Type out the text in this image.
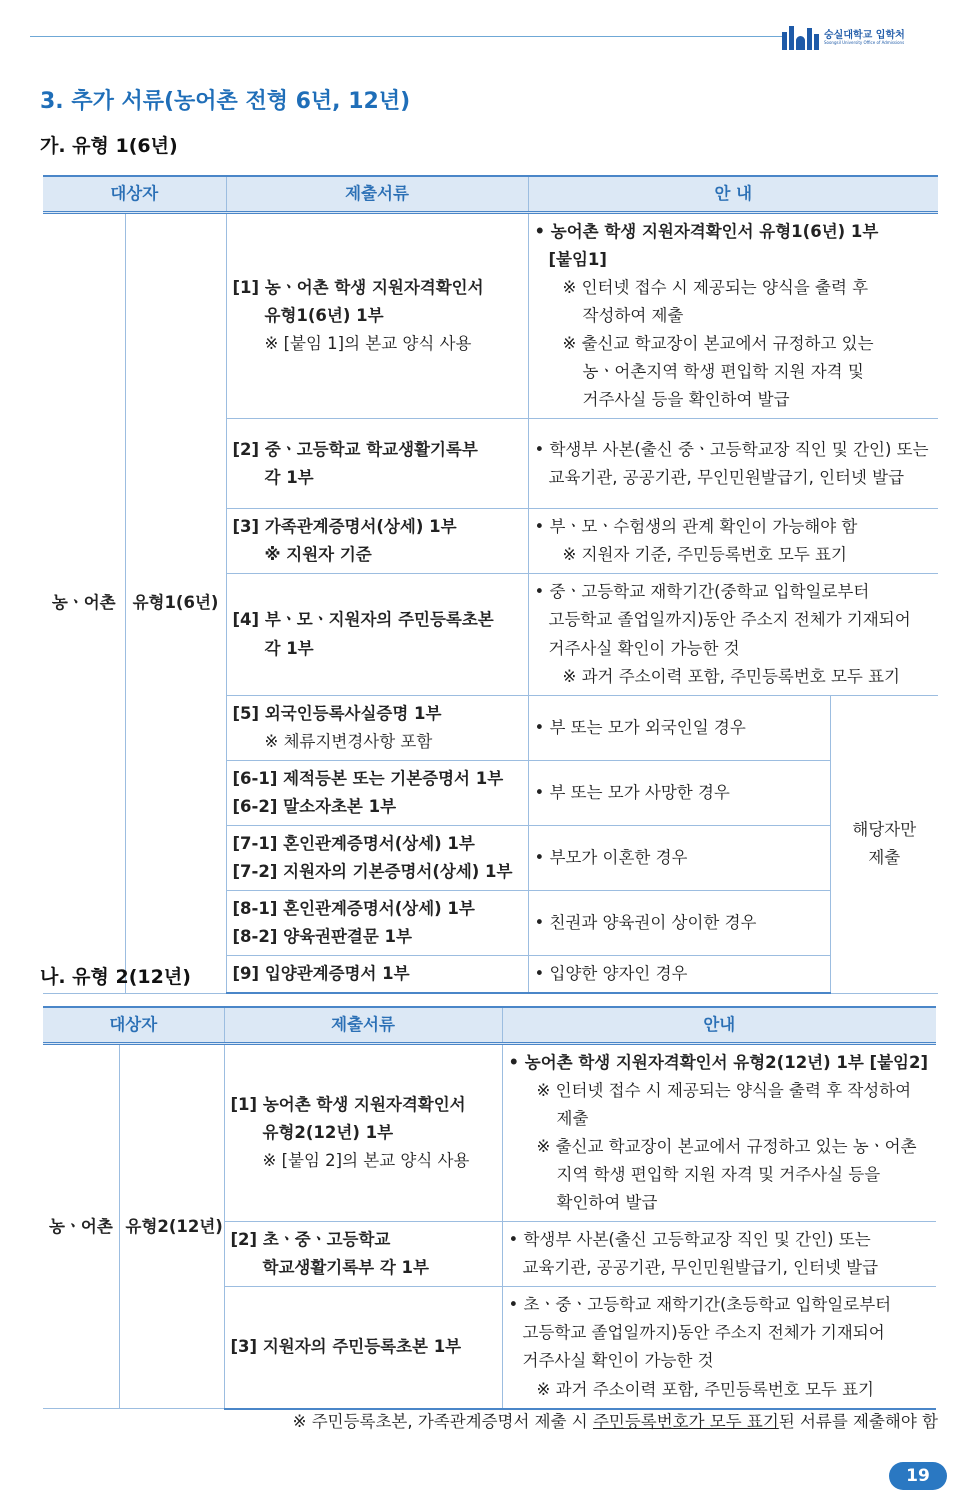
숭실대학교 입학처
Soongsil University Office of Admissions
3. 추가 서류(농어촌 전형 6년, 12년)
가. 유형 1(6년)
대상자		제출서류	안 내	
농ㆍ어촌	유형1(6년)	[1] 농ㆍ어촌 학생 지원자격확인서
유형1(6년) 1부
※ [붙임 1]의 본교 양식 사용	• 농어촌 학생 지원자격확인서 유형1(6년) 1부 [붙임1]
※ 인터넷 접수 시 제공되는 양식을 출력 후 작성하여 제출
※ 출신교 학교장이 본교에서 규정하고 있는 농ㆍ어촌지역 학생 편입학 지원 자격 및 거주사실 등을 확인하여 발급	

		[2] 중ㆍ고등학교 학교생활기록부
각 1부	• 학생부 사본(출신 중ㆍ고등학교장 직인 및 간인) 또는 교육기관, 공공기관, 무인민원발급기, 인터넷 발급	

		[3] 가족관계증명서(상세) 1부
※ 지원자 기준	• 부ㆍ모ㆍ수험생의 관계 확인이 가능해야 함
※ 지원자 기준, 주민등록번호 모두 표기	

		[4] 부ㆍ모ㆍ지원자의 주민등록초본
각 1부	• 중ㆍ고등학교 재학기간(중학교 입학일로부터 고등학교 졸업일까지)동안 주소지 전체가 기재되어 거주사실 확인이 가능한 것
※ 과거 주소이력 포함, 주민등록번호 모두 표기	

		[5] 외국인등록사실증명 1부
※ 체류지변경사항 포함	• 부 또는 모가 외국인일 경우	해당자만 제출

		[6-1] 제적등본 또는 기본증명서 1부
[6-2] 말소자초본 1부	• 부 또는 모가 사망한 경우	

		[7-1] 혼인관계증명서(상세) 1부
[7-2] 지원자의 기본증명서(상세) 1부	• 부모가 이혼한 경우	

		[8-1] 혼인관계증명서(상세) 1부
[8-2] 양육권판결문 1부	• 친권과 양육권이 상이한 경우	

		[9] 입양관계증명서 1부	• 입양한 양자인 경우	
나. 유형 2(12년)
대상자		제출서류	안내
농ㆍ어촌	유형2(12년)	[1] 농어촌 학생 지원자격확인서
유형2(12년) 1부
※ [붙임 2]의 본교 양식 사용	• 농어촌 학생 지원자격확인서 유형2(12년) 1부 [붙임2]
※ 인터넷 접수 시 제공되는 양식을 출력 후 작성하여 제출
※ 출신교 학교장이 본교에서 규정하고 있는 농ㆍ어촌 지역 학생 편입학 지원 자격 및 거주사실 등을 확인하여 발급

		[2] 초ㆍ중ㆍ고등학교
학교생활기록부 각 1부	• 학생부 사본(출신 고등학교장 직인 및 간인) 또는 교육기관, 공공기관, 무인민원발급기, 인터넷 발급

		[3] 지원자의 주민등록초본 1부	• 초ㆍ중ㆍ고등학교 재학기간(초등학교 입학일로부터 고등학교 졸업일까지)동안 주소지 전체가 기재되어 거주사실 확인이 가능한 것
※ 과거 주소이력 포함, 주민등록번호 모두 표기
※ 주민등록초본, 가족관계증명서 제출 시 주민등록번호가 모두 표기된 서류를 제출해야 함
19
